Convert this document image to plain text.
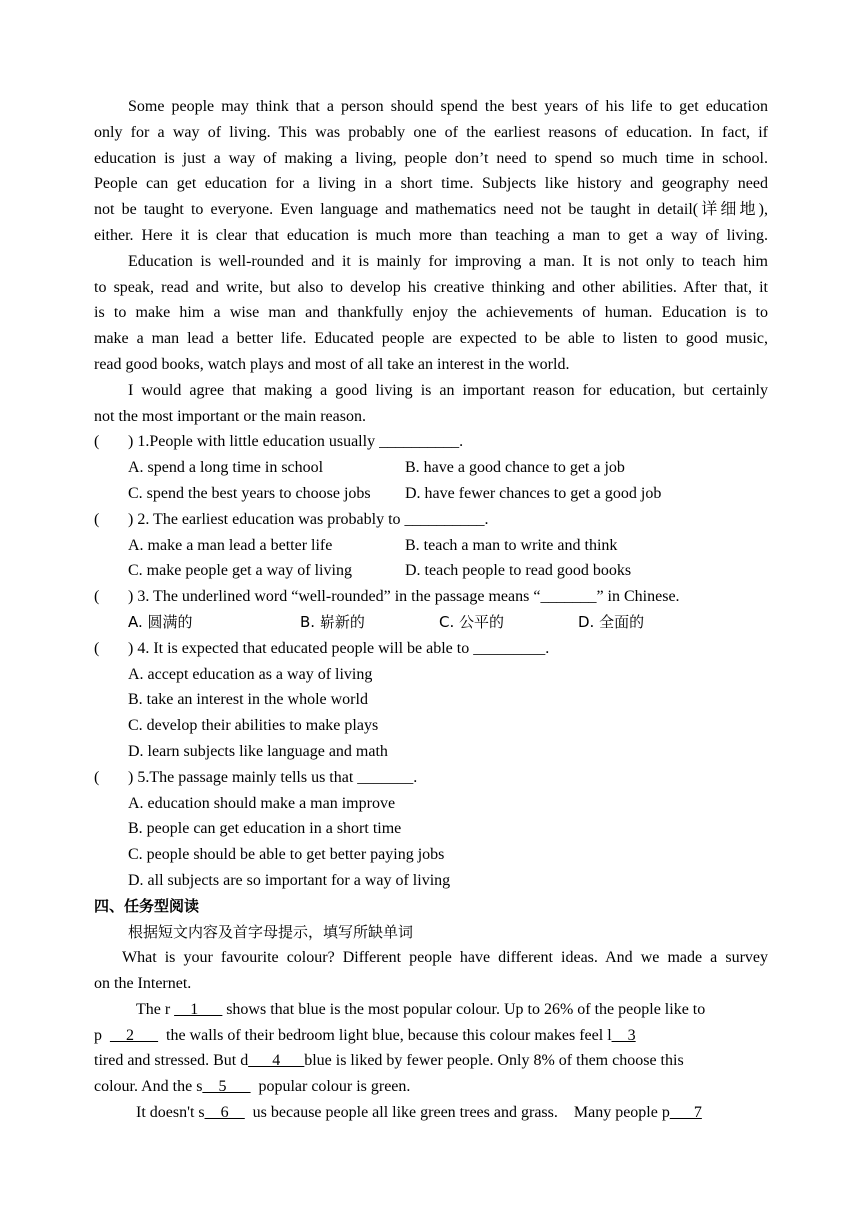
Some people may think that a person should spend the best years of his life to get education
only for a way of living. This was probably one of the earliest reasons of education. In fact, if
education is just a way of making a living, people don’t need to spend so much time in school.
People can get education for a living in a short time. Subjects like history and geography need
not be taught to everyone. Even language and mathematics need not be taught in detail(详细地),
either. Here it is clear that education is much more than teaching a man to get a way of living.
Education is well-rounded and it is mainly for improving a man. It is not only to teach him
to speak, read and write, but also to develop his creative thinking and other abilities. After that, it
is to make him a wise man and thankfully enjoy the achievements of human. Education is to
make a man lead a better life. Educated people are expected to be able to listen to good music,
read good books, watch plays and most of all take an interest in the world.
I would agree that making a good living is an important reason for education, but certainly
not the most important or the main reason.
( ) 1.People with little education usually __________.
A. spend a long time in school	B. have a good chance to get a job
C. spend the best years to choose jobs	D. have fewer chances to get a good job
( ) 2. The earliest education was probably to __________.
A. make a man lead a better life	B. teach a man to write and think
C. make people get a way of living	D. teach people to read good books
( ) 3. The underlined word “well-rounded” in the passage means “_______” in Chinese.
A. 圆满的	B. 崭新的	C. 公平的	D. 全面的
( ) 4. It is expected that educated people will be able to _________.
A. accept education as a way of living
B. take an interest in the whole world
C. develop their abilities to make plays
D. learn subjects like language and math
( ) 5.The passage mainly tells us that _______.
A. education should make a man improve
B. people can get education in a short time
C. people should be able to get better paying jobs
D. all subjects are so important for a way of living
四、任务型阅读
根据短文内容及首字母提示，填写所缺单词
What is your favourite colour? Different people have different ideas. And we made a survey
on the Internet.
The r __1___ shows that blue is the most popular colour. Up to 26% of the people like to
p __2___ the walls of their bedroom light blue, because this colour makes feel l__3
tired and stressed. But d___4___blue is liked by fewer people. Only 8% of them choose this
colour. And the s__5___ popular colour is green.
It doesn't s__6__ us because people all like green trees and grass. Many people p___7
